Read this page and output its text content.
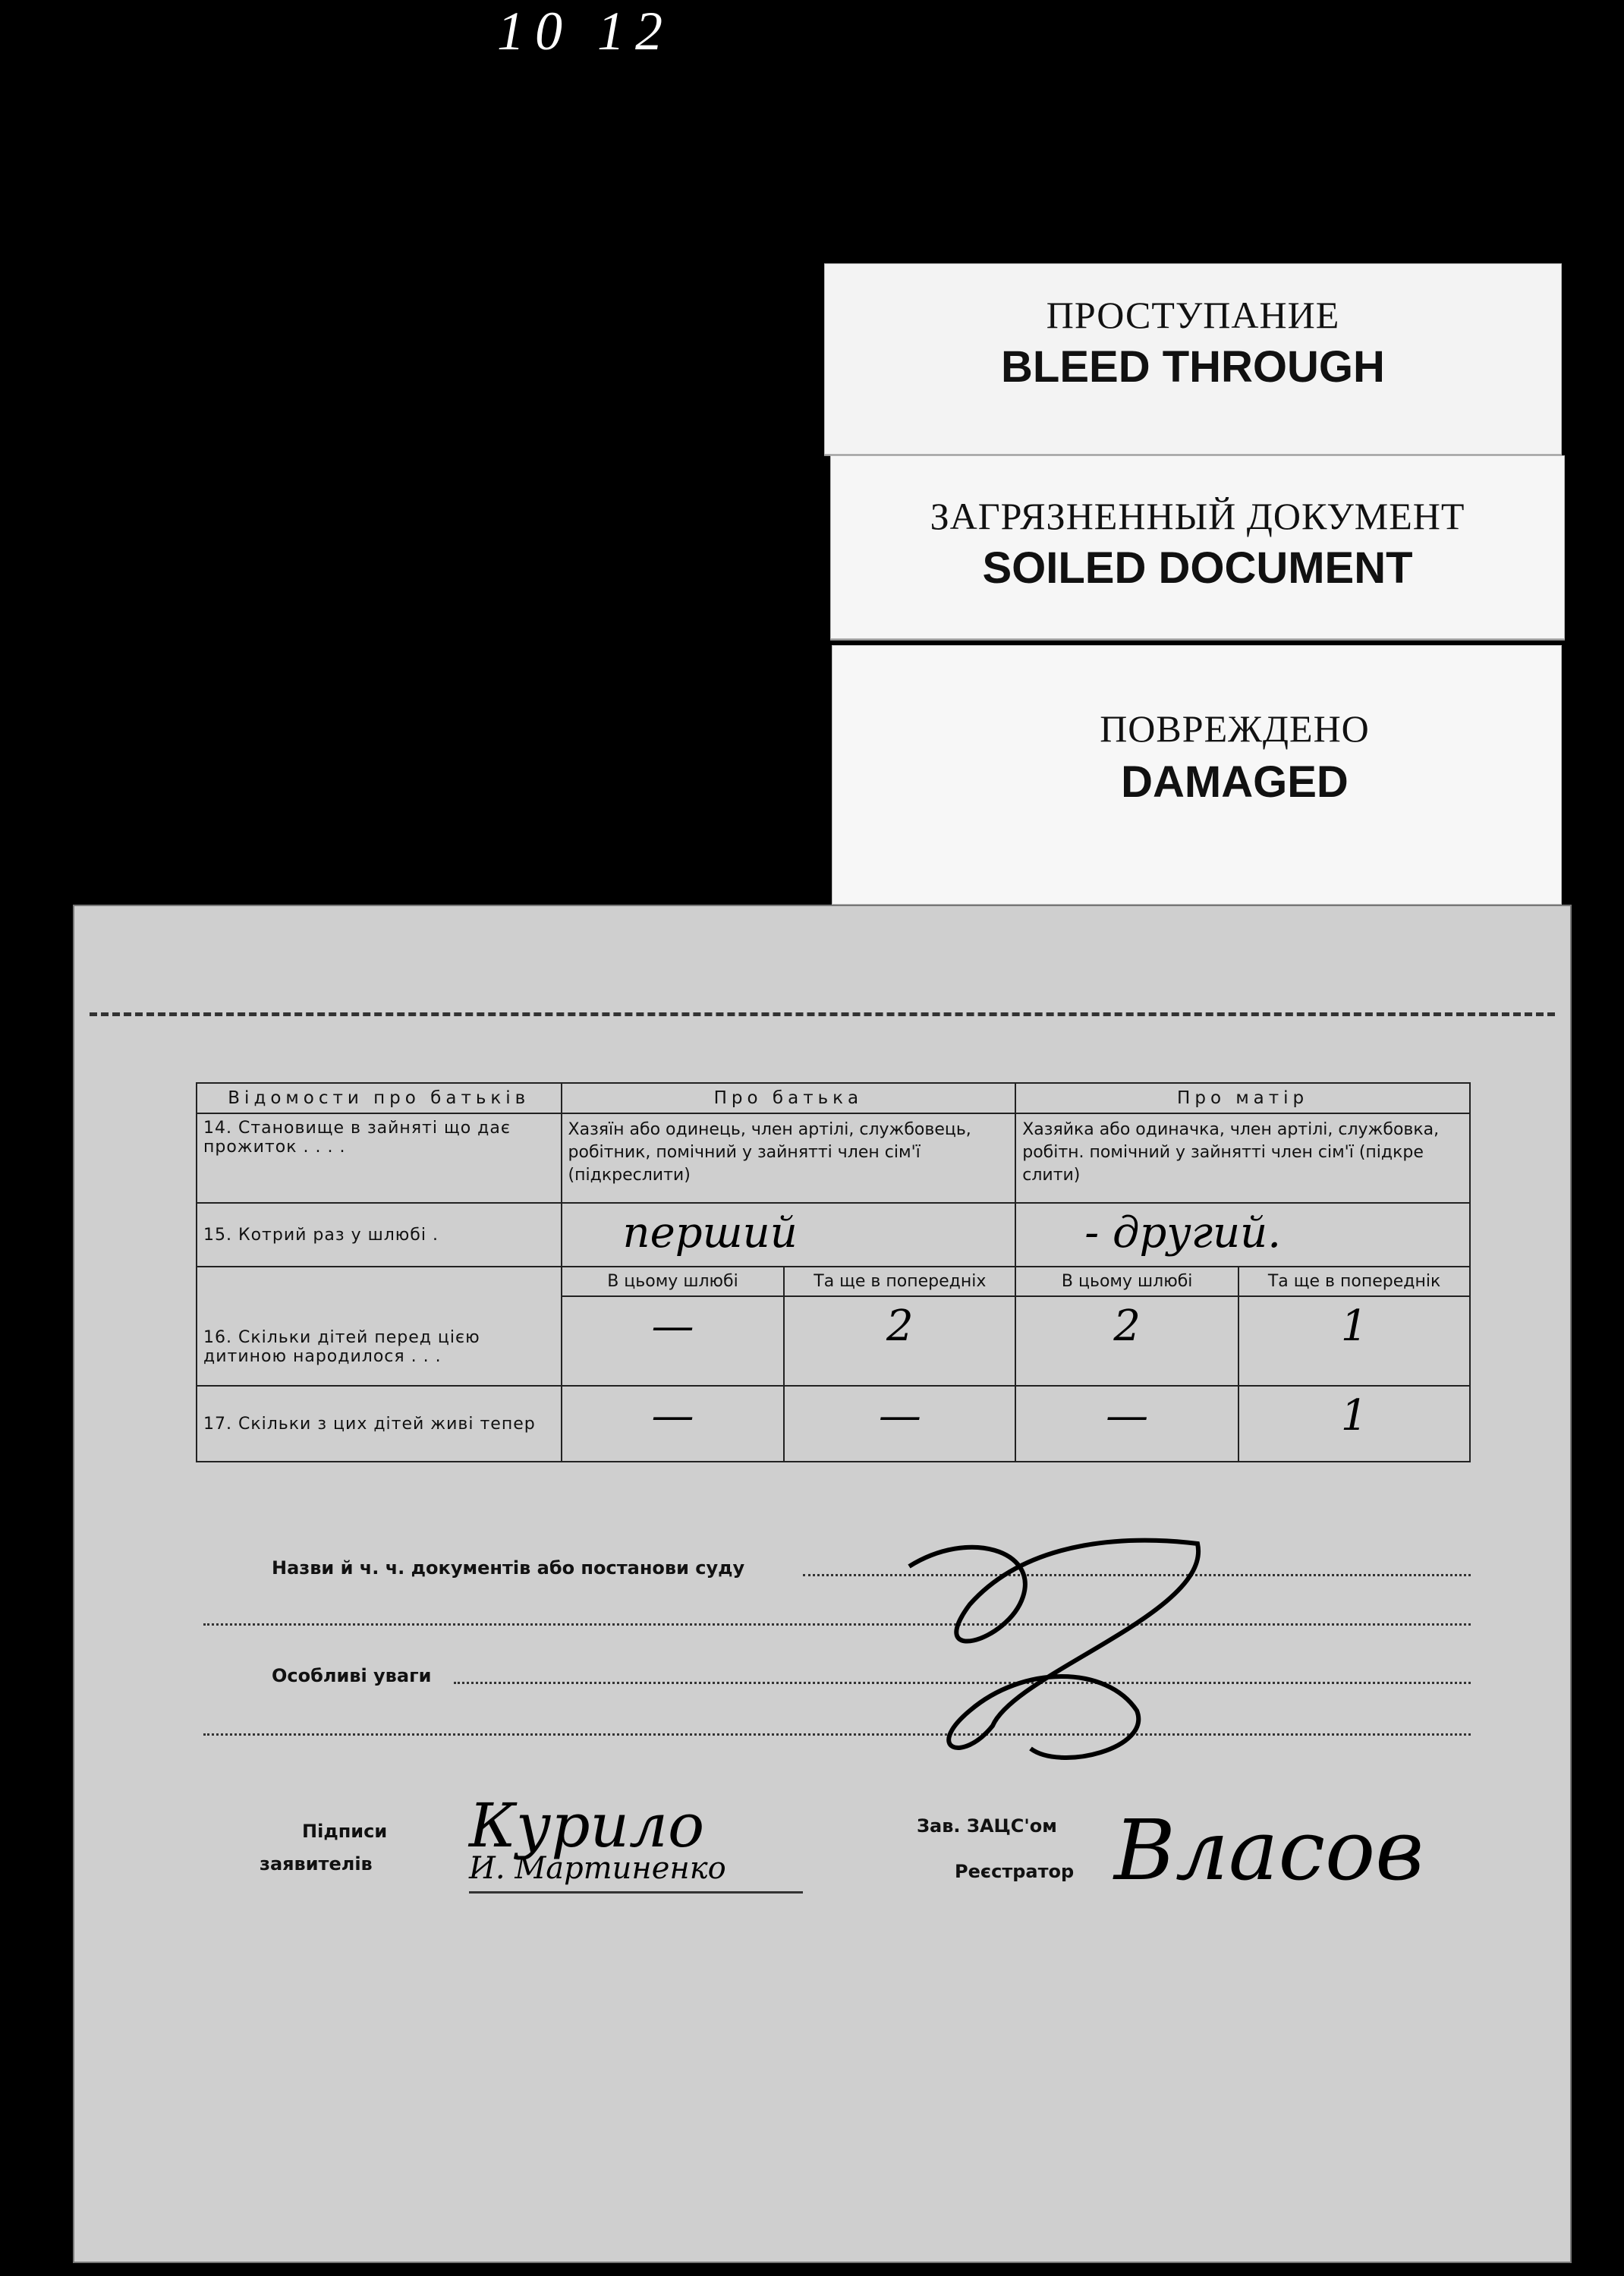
10 12
ПРОСТУПАНИЕ
BLEED THROUGH
ЗАГРЯЗНЕННЫЙ ДОКУМЕНТ
SOILED DOCUMENT
ПОВРЕЖДЕНО
DAMAGED
Відомости про батьків	Про батька		Про матір	
14. Становище в зайняті що дає прожиток . . . .	Хазяїн або одинець, член артілі, службовець, робітник, помічний у зайнятті член сім'ї (підкреслити)		Хазяйка або одиначка, член артілі, службовка, робітн. помічний у зайнятті член сім'ї (підкре слити)	
15. Котрий раз у шлюбі .	перший		- другий.	
16. Скільки дітей перед цією дитиною народилося . . .	В цьому шлюбі	Та ще в попередніх	В цьому шлюбі	Та ще в попереднік
	—	2	2	1
17. Скільки з цих дітей живі тепер	—	—	—	1
Назви й ч. ч. документів або постанови суду
Особливі уваги
Підписи
заявителів
Курило
И. Мартиненко
Зав. ЗАЦС'ом
Реєстратор Власов
